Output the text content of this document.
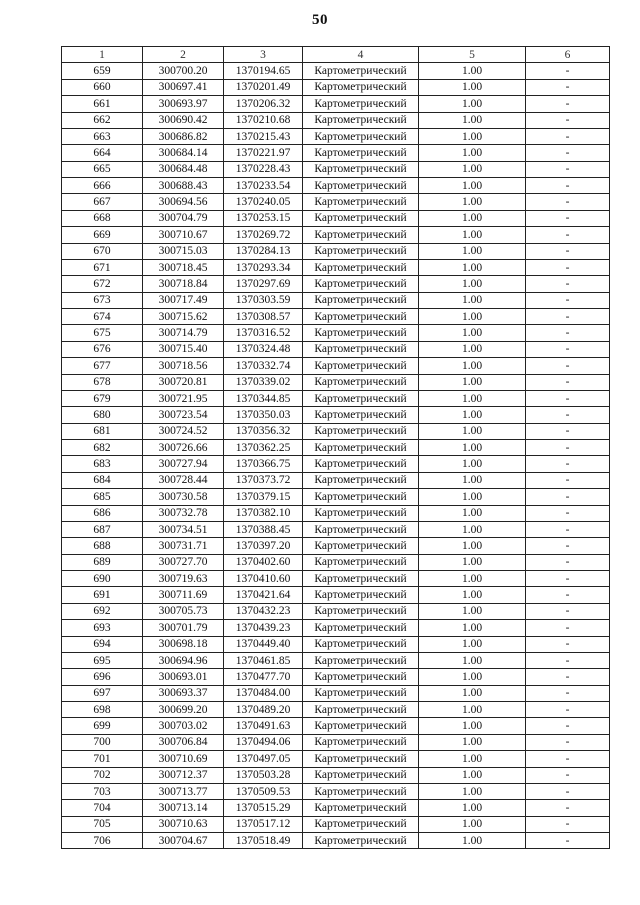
50
1	2	3	4	5	6
659	300700.20	1370194.65	Картометрический	1.00	-
660	300697.41	1370201.49	Картометрический	1.00	-
661	300693.97	1370206.32	Картометрический	1.00	-
662	300690.42	1370210.68	Картометрический	1.00	-
663	300686.82	1370215.43	Картометрический	1.00	-
664	300684.14	1370221.97	Картометрический	1.00	-
665	300684.48	1370228.43	Картометрический	1.00	-
666	300688.43	1370233.54	Картометрический	1.00	-
667	300694.56	1370240.05	Картометрический	1.00	-
668	300704.79	1370253.15	Картометрический	1.00	-
669	300710.67	1370269.72	Картометрический	1.00	-
670	300715.03	1370284.13	Картометрический	1.00	-
671	300718.45	1370293.34	Картометрический	1.00	-
672	300718.84	1370297.69	Картометрический	1.00	-
673	300717.49	1370303.59	Картометрический	1.00	-
674	300715.62	1370308.57	Картометрический	1.00	-
675	300714.79	1370316.52	Картометрический	1.00	-
676	300715.40	1370324.48	Картометрический	1.00	-
677	300718.56	1370332.74	Картометрический	1.00	-
678	300720.81	1370339.02	Картометрический	1.00	-
679	300721.95	1370344.85	Картометрический	1.00	-
680	300723.54	1370350.03	Картометрический	1.00	-
681	300724.52	1370356.32	Картометрический	1.00	-
682	300726.66	1370362.25	Картометрический	1.00	-
683	300727.94	1370366.75	Картометрический	1.00	-
684	300728.44	1370373.72	Картометрический	1.00	-
685	300730.58	1370379.15	Картометрический	1.00	-
686	300732.78	1370382.10	Картометрический	1.00	-
687	300734.51	1370388.45	Картометрический	1.00	-
688	300731.71	1370397.20	Картометрический	1.00	-
689	300727.70	1370402.60	Картометрический	1.00	-
690	300719.63	1370410.60	Картометрический	1.00	-
691	300711.69	1370421.64	Картометрический	1.00	-
692	300705.73	1370432.23	Картометрический	1.00	-
693	300701.79	1370439.23	Картометрический	1.00	-
694	300698.18	1370449.40	Картометрический	1.00	-
695	300694.96	1370461.85	Картометрический	1.00	-
696	300693.01	1370477.70	Картометрический	1.00	-
697	300693.37	1370484.00	Картометрический	1.00	-
698	300699.20	1370489.20	Картометрический	1.00	-
699	300703.02	1370491.63	Картометрический	1.00	-
700	300706.84	1370494.06	Картометрический	1.00	-
701	300710.69	1370497.05	Картометрический	1.00	-
702	300712.37	1370503.28	Картометрический	1.00	-
703	300713.77	1370509.53	Картометрический	1.00	-
704	300713.14	1370515.29	Картометрический	1.00	-
705	300710.63	1370517.12	Картометрический	1.00	-
706	300704.67	1370518.49	Картометрический	1.00	-
